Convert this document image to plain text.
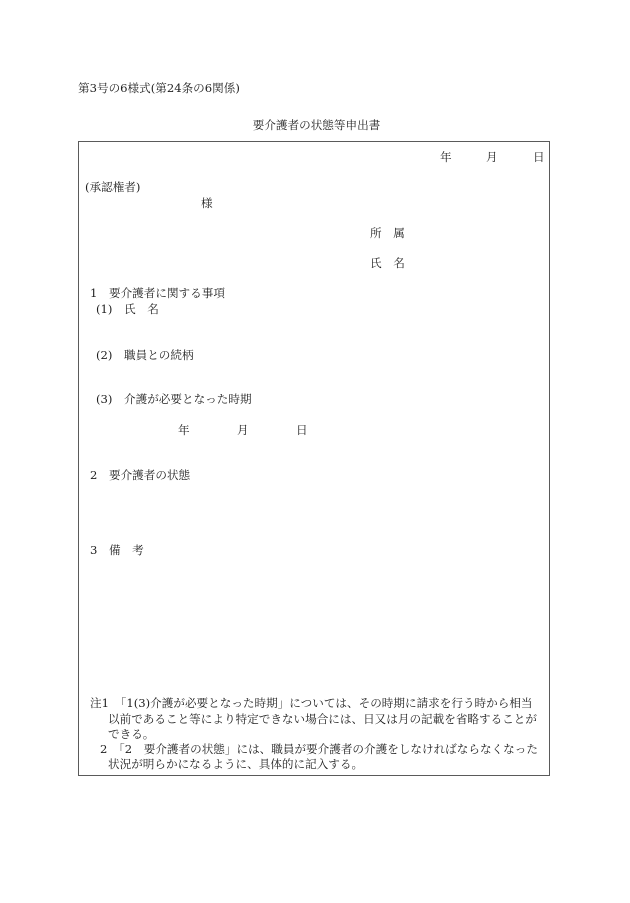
第3号の6様式(第24条の6関係)
要介護者の状態等申出書
年	月	日
(承認権者)
様
所　属
氏　名
1　要介護者に関する事項
(1)　氏　名
(2)　職員との続柄
(3)　介護が必要となった時期
年	月	日
2　要介護者の状態
3　備　考
注1　「1(3)介護が必要となった時期」については、その時期に請求を行う時から相当
以前であること等により特定できない場合には、日又は月の記載を省略することが
できる。
2　「2　要介護者の状態」には、職員が要介護者の介護をしなければならなくなった
状況が明らかになるように、具体的に記入する。
